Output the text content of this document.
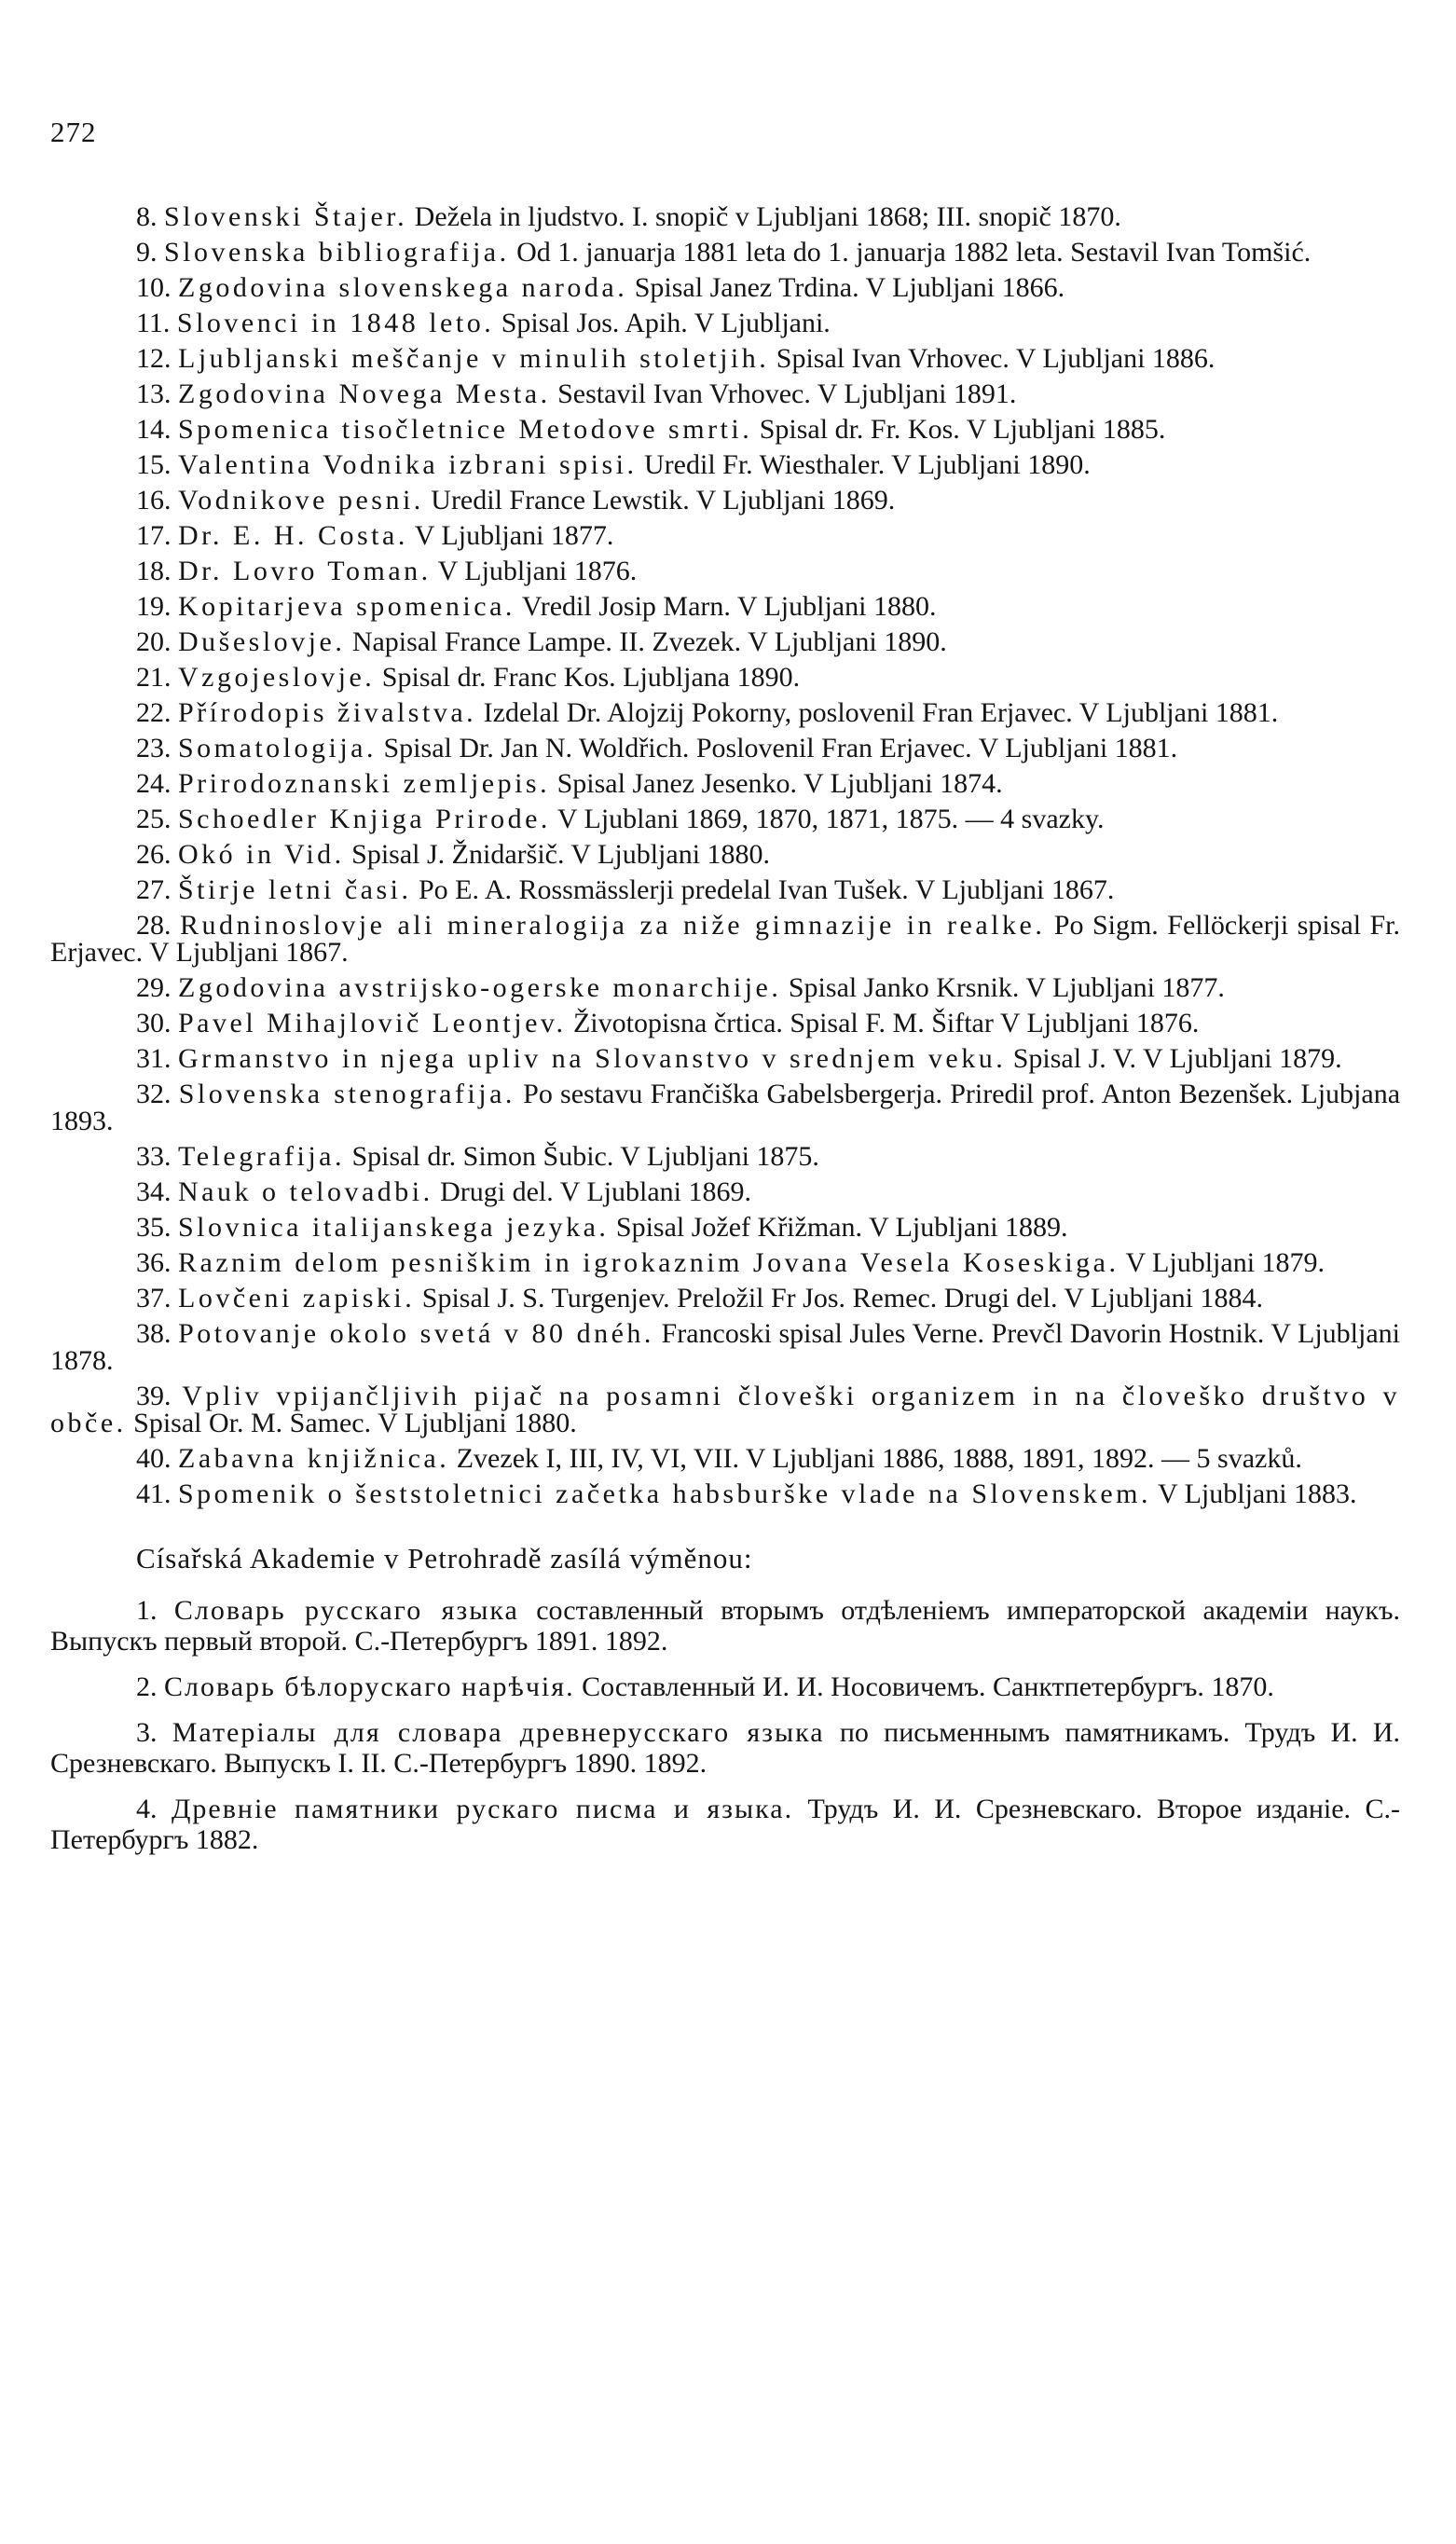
272

8. Slovenski Štajer. Dežela in ljudstvo. I. snopič v Ljubljani 1868; III. snopič 1870.

9. Slovenska bibliografija. Od 1. januarja 1881 leta do 1. januarja 1882 leta. Sestavil Ivan Tomšić.

10. Zgodovina slovenskega naroda. Spisal Janez Trdina. V Ljubljani 1866.

11. Slovenci in 1848 leto. Spisal Jos. Apih. V Ljubljani.

12. Ljubljanski meščanje v minulih stoletjih. Spisal Ivan Vrhovec. V Ljubljani 1886.

13. Zgodovina Novega Mesta. Sestavil Ivan Vrhovec. V Ljubljani 1891.

14. Spomenica tisočletnice Metodove smrti. Spisal dr. Fr. Kos. V Ljubljani 1885.

15. Valentina Vodnika izbrani spisi. Uredil Fr. Wiesthaler. V Ljubljani 1890.

16. Vodnikove pesni. Uredil France Lewstik. V Ljubljani 1869.

17. Dr. E. H. Costa. V Ljubljani 1877.

18. Dr. Lovro Toman. V Ljubljani 1876.

19. Kopitarjeva spomenica. Vredil Josip Marn. V Ljubljani 1880.

20. Dušeslovje. Napisal France Lampe. II. Zvezek. V Ljubljani 1890.

21. Vzgojeslovje. Spisal dr. Franc Kos. Ljubljana 1890.

22. Přírodopis živalstva. Izdelal Dr. Alojzij Pokorny, poslovenil Fran Erjavec. V Ljubljani 1881.

23. Somatologija. Spisal Dr. Jan N. Woldřich. Poslovenil Fran Erjavec. V Ljubljani 1881.

24. Prirodoznanski zemljepis. Spisal Janez Jesenko. V Ljubljani 1874.

25. Schoedler Knjiga Prirode. V Ljublani 1869, 1870, 1871, 1875. — 4 svazky.

26. Okó in Vid. Spisal J. Žnidaršič. V Ljubljani 1880.

27. Štirje letni časi. Po E. A. Rossmässlerji predelal Ivan Tušek. V Ljubljani 1867.

28. Rudninoslovje ali mineralogija za niže gimnazije in realke. Po Sigm. Fellöckerji spisal Fr. Erjavec. V Ljubljani 1867.

29. Zgodovina avstrijsko-ogerske monarchije. Spisal Janko Krsnik. V Ljubljani 1877.

30. Pavel Mihajlovič Leontjev. Životopisna črtica. Spisal F. M. Šiftar V Ljubljani 1876.

31. Grmanstvo in njega upliv na Slovanstvo v srednjem veku. Spisal J. V. V Ljubljani 1879.

32. Slovenska stenografija. Po sestavu Frančiška Gabelsbergerja. Priredil prof. Anton Bezenšek. Ljubjana 1893.

33. Telegrafija. Spisal dr. Simon Šubic. V Ljubljani 1875.

34. Nauk o telovadbi. Drugi del. V Ljublani 1869.

35. Slovnica italijanskega jezyka. Spisal Jožef Křižman. V Ljubljani 1889.

36. Raznim delom pesniškim in igrokaznim Jovana Vesela Koseskiga. V Ljubljani 1879.

37. Lovčeni zapiski. Spisal J. S. Turgenjev. Preložil Fr Jos. Remec. Drugi del. V Ljubljani 1884.

38. Potovanje okolo svetá v 80 dnéh. Francoski spisal Jules Verne. Prevčl Davorin Hostnik. V Ljubljani 1878.

39. Vpliv vpijančljivih pijač na posamni človeški organizem in na človeško društvo v obče. Spisal Or. M. Samec. V Ljubljani 1880.

40. Zabavna knjižnica. Zvezek I, III, IV, VI, VII. V Ljubljani 1886, 1888, 1891, 1892. — 5 svazků.

41. Spomenik o šeststoletnici začetka habsburške vlade na Slovenskem. V Ljubljani 1883.

Císařská Akademie v Petrohradě zasílá výměnou:

1. Словарь русскаго языка составленный вторымъ отдѣленіемъ императорской академіи наукъ. Выпускъ первый второй. С.-Петербургъ 1891. 1892.

2. Словарь бѣлорускаго нарѣчія. Составленный И. И. Носовичемъ. Санктпетербургъ. 1870.

3. Матеріалы для словара древнерусскаго языка по письменнымъ памятникамъ. Трудъ И. И. Срезневскаго. Выпускъ I. II. С.-Петербургъ 1890. 1892.

4. Древніе памятники рускаго писма и языка. Трудъ И. И. Срезневскаго. Второе изданіе. С.-Петербургъ 1882.
